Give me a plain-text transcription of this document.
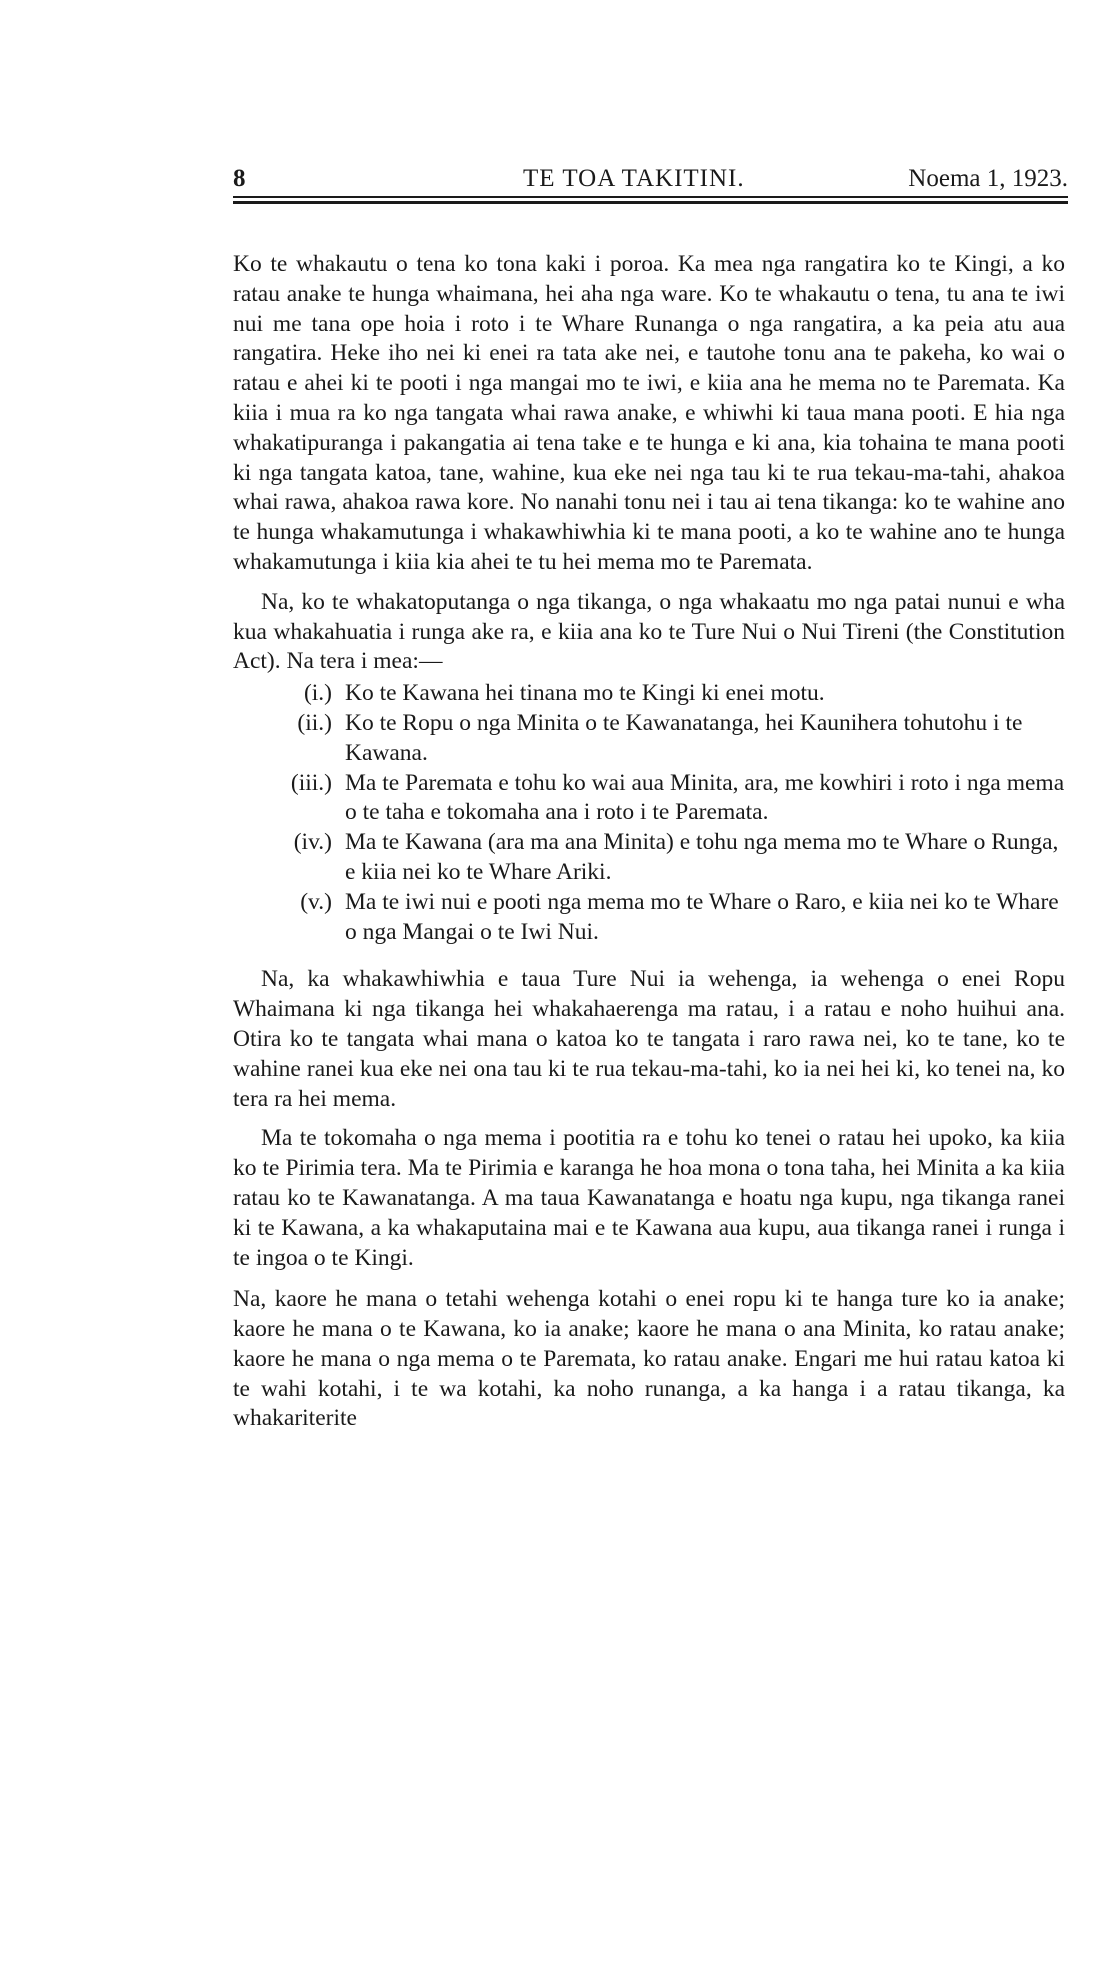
8	TE TOA TAKITINI.	Noema 1, 1923.

Ko te whakautu o tena ko tona kaki i poroa. Ka mea nga rangatira ko te Kingi, a ko ratau anake te hunga whaimana, hei aha nga ware. Ko te whakautu o tena, tu ana te iwi nui me tana ope hoia i roto i te Whare Runanga o nga rangatira, a ka peia atu aua rangatira. Heke iho nei ki enei ra tata ake nei, e tautohe tonu ana te pakeha, ko wai o ratau e ahei ki te pooti i nga mangai mo te iwi, e kiia ana he mema no te Paremata. Ka kiia i mua ra ko nga tangata whai rawa anake, e whiwhi ki taua mana pooti. E hia nga whakatipuranga i pakangatia ai tena take e te hunga e ki ana, kia tohaina te mana pooti ki nga tangata katoa, tane, wahine, kua eke nei nga tau ki te rua tekau-ma-tahi, ahakoa whai rawa, ahakoa rawa kore. No nanahi tonu nei i tau ai tena tikanga: ko te wahine ano te hunga whakamutunga i whakawhiwhia ki te mana pooti, a ko te wahine ano te hunga whakamutunga i kiia kia ahei te tu hei mema mo te Paremata.

Na, ko te whakatoputanga o nga tikanga, o nga whakaatu mo nga patai nunui e wha kua whakahuatia i runga ake ra, e kiia ana ko te Ture Nui o Nui Tireni (the Constitution Act). Na tera i mea:—

(i.) Ko te Kawana hei tinana mo te Kingi ki enei motu.
(ii.) Ko te Ropu o nga Minita o te Kawanatanga, hei Kaunihera tohutohu i te Kawana.
(iii.) Ma te Paremata e tohu ko wai aua Minita, ara, me kowhiri i roto i nga mema o te taha e tokomaha ana i roto i te Paremata.
(iv.) Ma te Kawana (ara ma ana Minita) e tohu nga mema mo te Whare o Runga, e kiia nei ko te Whare Ariki.
(v.) Ma te iwi nui e pooti nga mema mo te Whare o Raro, e kiia nei ko te Whare o nga Mangai o te Iwi Nui.

Na, ka whakawhiwhia e taua Ture Nui ia wehenga, ia wehenga o enei Ropu Whaimana ki nga tikanga hei whakahaerenga ma ratau, i a ratau e noho huihui ana. Otira ko te tangata whai mana o katoa ko te tangata i raro rawa nei, ko te tane, ko te wahine ranei kua eke nei ona tau ki te rua tekau-ma-tahi, ko ia nei hei ki, ko tenei na, ko tera ra hei mema.

Ma te tokomaha o nga mema i pootitia ra e tohu ko tenei o ratau hei upoko, ka kiia ko te Pirimia tera. Ma te Pirimia e karanga he hoa mona o tona taha, hei Minita a ka kiia ratau ko te Kawanatanga. A ma taua Kawanatanga e hoatu nga kupu, nga tikanga ranei ki te Kawana, a ka whakaputaina mai e te Kawana aua kupu, aua tikanga ranei i runga i te ingoa o te Kingi.

Na, kaore he mana o tetahi wehenga kotahi o enei ropu ki te hanga ture ko ia anake; kaore he mana o te Kawana, ko ia anake; kaore he mana o ana Minita, ko ratau anake; kaore he mana o nga mema o te Paremata, ko ratau anake. Engari me hui ratau katoa ki te wahi kotahi, i te wa kotahi, ka noho runanga, a ka hanga i a ratau tikanga, ka whakariterite
